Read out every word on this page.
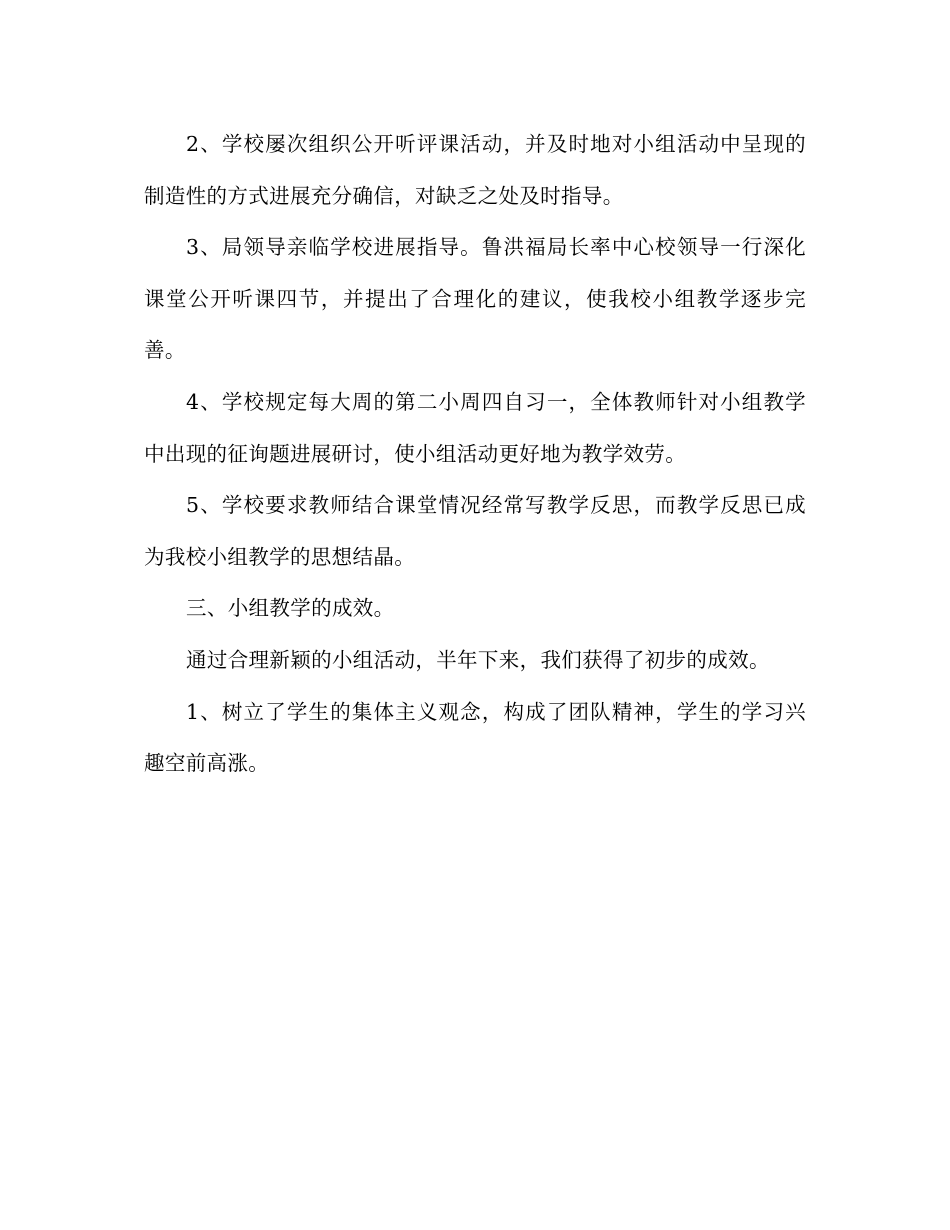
2、学校屡次组织公开听评课活动，并及时地对小组活动中呈现的
制造性的方式进展充分确信，对缺乏之处及时指导。
3、局领导亲临学校进展指导。鲁洪福局长率中心校领导一行深化
课堂公开听课四节，并提出了合理化的建议，使我校小组教学逐步完
善。
4、学校规定每大周的第二小周四自习一，全体教师针对小组教学
中出现的征询题进展研讨，使小组活动更好地为教学效劳。
5、学校要求教师结合课堂情况经常写教学反思，而教学反思已成
为我校小组教学的思想结晶。
三、小组教学的成效。
通过合理新颖的小组活动，半年下来，我们获得了初步的成效。
1、树立了学生的集体主义观念，构成了团队精神，学生的学习兴
趣空前高涨。
